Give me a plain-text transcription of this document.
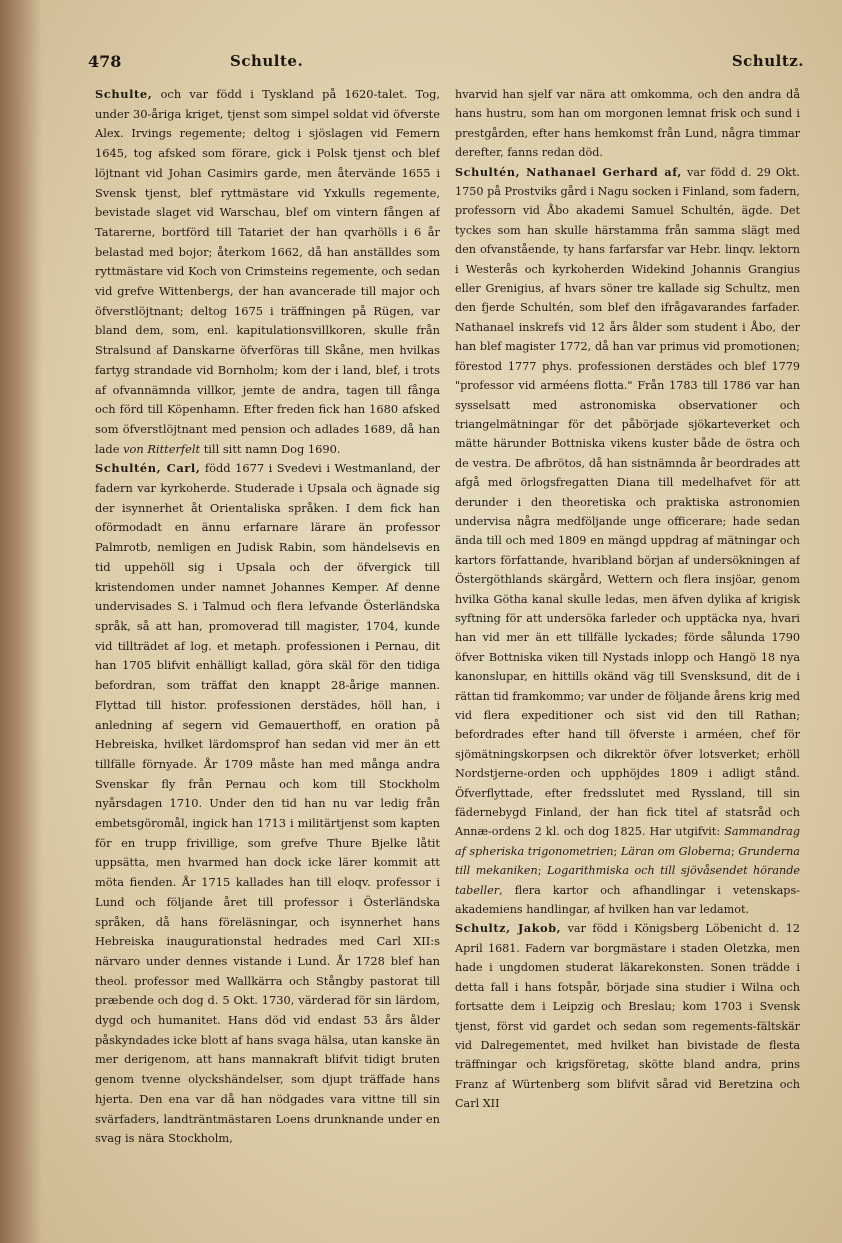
478	Schulte.	Schultz.

Schulte, och var född i Tyskland på 1620-talet. Tog, under 30-åriga kriget, tjenst som simpel soldat vid öfverste Alex. Irvings regemente; deltog i sjöslagen vid Femern 1645, tog afsked som förare, gick i Polsk tjenst och blef löjtnant vid Johan Casimirs garde, men återvände 1655 i Svensk tjenst, blef ryttmästare vid Yxkulls regemente, bevistade slaget vid Warschau, blef om vintern fången af Tatarerne, bortförd till Tatariet der han qvarhölls i 6 år belastad med bojor; återkom 1662, då han anställdes som ryttmästare vid Koch von Crimsteins regemente, och sedan vid grefve Wittenbergs, der han avancerade till major och öfverstlöjtnant; deltog 1675 i träffningen på Rügen, var bland dem, som, enl. kapitulationsvillkoren, skulle från Stralsund af Danskarne öfverföras till Skåne, men hvilkas fartyg strandade vid Bornholm; kom der i land, blef, i trots af ofvannämnda villkor, jemte de andra, tagen till fånga och förd till Köpenhamn. Efter freden fick han 1680 afsked som öfverstlöjtnant med pension och adlades 1689, då han lade von Ritterfelt till sitt namn Dog 1690.

Schultén, Carl, född 1677 i Svedevi i Westmanland, der fadern var kyrkoherde. Studerade i Upsala och ägnade sig der isynnerhet åt Orientaliska språken. I dem fick han oförmodadt en ännu erfarnare lärare än professor Palmrotb, nemligen en Judisk Rabin, som händelsevis en tid uppehöll sig i Upsala och der öfvergick till kristendomen under namnet Johannes Kemper. Af denne undervisades S. i Talmud och flera lefvande Österländska språk, så att han, promoverad till magister, 1704, kunde vid tillträdet af log. et metaph. professionen i Pernau, dit han 1705 blifvit enhälligt kallad, göra skäl för den tidiga befordran, som träffat den knappt 28-årige mannen. Flyttad till histor. professionen derstädes, höll han, i anledning af segern vid Gemauerthoff, en oration på Hebreiska, hvilket lärdomsprof han sedan vid mer än ett tillfälle förnyade. År 1709 måste han med många andra Svenskar fly från Pernau och kom till Stockholm nyårsdagen 1710. Under den tid han nu var ledig från embetsgöromål, ingick han 1713 i militärtjenst som kapten för en trupp frivillige, som grefve Thure Bjelke låtit uppsätta, men hvarmed han dock icke lärer kommit att möta fienden. År 1715 kallades han till eloqv. professor i Lund och följande året till professor i Österländska språken, då hans föreläsningar, och isynnerhet hans Hebreiska inaugurationstal hedrades med Carl XII:s närvaro under dennes vistande i Lund. År 1728 blef han theol. professor med Wallkärra och Stångby pastorat till præbende och dog d. 5 Okt. 1730, värderad för sin lärdom, dygd och humanitet. Hans död vid endast 53 års ålder påskyndades icke blott af hans svaga hälsa, utan kanske än mer derigenom, att hans mannakraft blifvit tidigt bruten genom tvenne olyckshändelser, som djupt träffade hans hjerta. Den ena var då han nödgades vara vittne till sin svärfaders, landträntmästaren Loens drunknande under en svag is nära Stockholm,

hvarvid han sjelf var nära att omkomma, och den andra då hans hustru, som han om morgonen lemnat frisk och sund i prestgården, efter hans hemkomst från Lund, några timmar derefter, fanns redan död.

Schultén, Nathanael Gerhard af, var född d. 29 Okt. 1750 på Prostviks gård i Nagu socken i Finland, som fadern, professorn vid Åbo akademi Samuel Schultén, ägde. Det tyckes som han skulle härstamma från samma slägt med den ofvanstående, ty hans farfarsfar var Hebr. linqv. lektorn i Westerås och kyrkoherden Widekind Johannis Grangius eller Grenigius, af hvars söner tre kallade sig Schultz, men den fjerde Schultén, som blef den ifrågavarandes farfader. Nathanael inskrefs vid 12 års ålder som student i Åbo, der han blef magister 1772, då han var primus vid promotionen; förestod 1777 phys. professionen derstädes och blef 1779 "professor vid arméens flotta." Från 1783 till 1786 var han sysselsatt med astronomiska observationer och triangelmätningar för det påbörjade sjökarteverket och mätte härunder Bottniska vikens kuster både de östra och de vestra. De afbrötos, då han sistnämnda år beordrades att afgå med örlogsfregatten Diana till medelhafvet för att derunder i den theoretiska och praktiska astronomien undervisa några medföljande unge officerare; hade sedan ända till och med 1809 en mängd uppdrag af mätningar och kartors författande, hvaribland början af undersökningen af Östergöthlands skärgård, Wettern och flera insjöar, genom hvilka Götha kanal skulle ledas, men äfven dylika af krigisk syftning för att undersöka farleder och upptäcka nya, hvari han vid mer än ett tillfälle lyckades; förde sålunda 1790 öfver Bottniska viken till Nystads inlopp och Hangö 18 nya kanonslupar, en hittills okänd väg till Svensksund, dit de i rättan tid framkommo; var under de följande årens krig med vid flera expeditioner och sist vid den till Rathan; befordrades efter hand till öfverste i arméen, chef för sjömätningskorpsen och dikrektör öfver lotsverket; erhöll Nordstjerne-orden och upphöjdes 1809 i adligt stånd. Öfverflyttade, efter fredsslutet med Ryssland, till sin fädernebygd Finland, der han fick titel af statsråd och Annæ-ordens 2 kl. och dog 1825. Har utgifvit: Sammandrag af spheriska trigonometrien; Läran om Globerna; Grunderna till mekaniken; Logarithmiska och till sjövåsendet hörande tabeller, flera kartor och afhandlingar i vetenskaps-akademiens handlingar, af hvilken han var ledamot.

Schultz, Jakob, var född i Königsberg Löbenicht d. 12 April 1681. Fadern var borgmästare i staden Oletzka, men hade i ungdomen studerat läkarekonsten. Sonen trädde i detta fall i hans fotspår, började sina studier i Wilna och fortsatte dem i Leipzig och Breslau; kom 1703 i Svensk tjenst, först vid gardet och sedan som regements-fältskär vid Dalregementet, med hvilket han bivistade de flesta träffningar och krigsföretag, skötte bland andra, prins Franz af Würtenberg som blifvit sårad vid Beretzina och Carl XII
